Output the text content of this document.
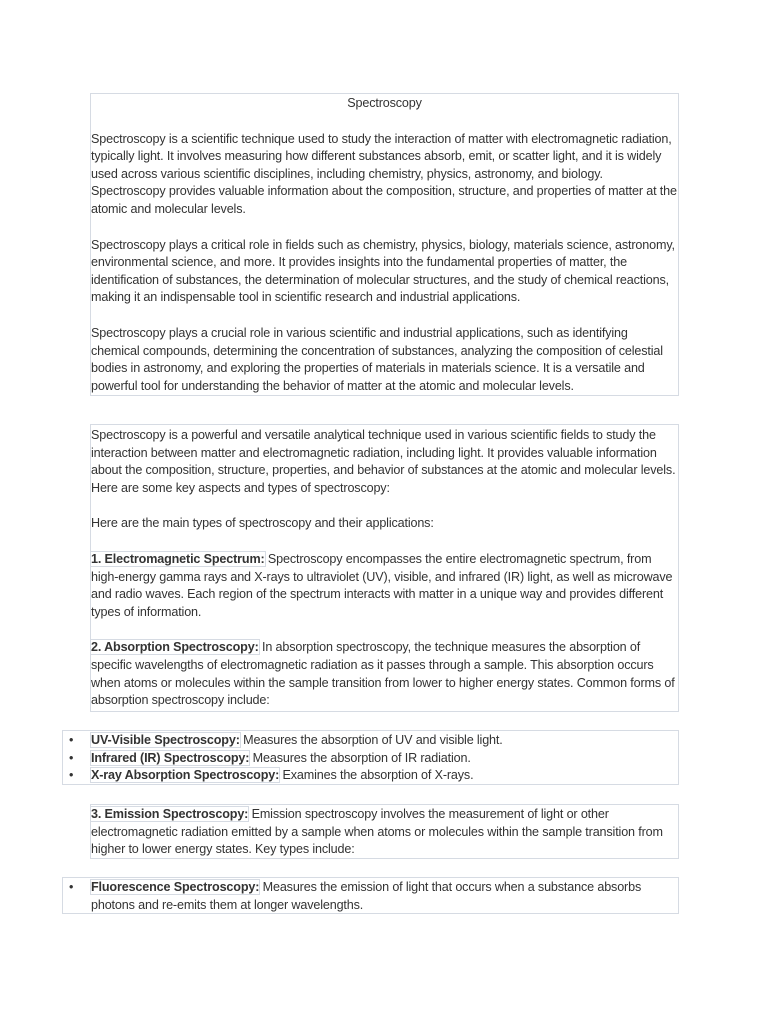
Spectroscopy

Spectroscopy is a scientific technique used to study the interaction of matter with electromagnetic radiation, typically light. It involves measuring how different substances absorb, emit, or scatter light, and it is widely used across various scientific disciplines, including chemistry, physics, astronomy, and biology. Spectroscopy provides valuable information about the composition, structure, and properties of matter at the atomic and molecular levels.

Spectroscopy plays a critical role in fields such as chemistry, physics, biology, materials science, astronomy, environmental science, and more. It provides insights into the fundamental properties of matter, the identification of substances, the determination of molecular structures, and the study of chemical reactions, making it an indispensable tool in scientific research and industrial applications.

Spectroscopy plays a crucial role in various scientific and industrial applications, such as identifying chemical compounds, determining the concentration of substances, analyzing the composition of celestial bodies in astronomy, and exploring the properties of materials in materials science. It is a versatile and powerful tool for understanding the behavior of matter at the atomic and molecular levels.

Spectroscopy is a powerful and versatile analytical technique used in various scientific fields to study the interaction between matter and electromagnetic radiation, including light. It provides valuable information about the composition, structure, properties, and behavior of substances at the atomic and molecular levels. Here are some key aspects and types of spectroscopy:

Here are the main types of spectroscopy and their applications:

1. Electromagnetic Spectrum: Spectroscopy encompasses the entire electromagnetic spectrum, from high-energy gamma rays and X-rays to ultraviolet (UV), visible, and infrared (IR) light, as well as microwave and radio waves. Each region of the spectrum interacts with matter in a unique way and provides different types of information.

2. Absorption Spectroscopy: In absorption spectroscopy, the technique measures the absorption of specific wavelengths of electromagnetic radiation as it passes through a sample. This absorption occurs when atoms or molecules within the sample transition from lower to higher energy states. Common forms of absorption spectroscopy include:

• UV-Visible Spectroscopy: Measures the absorption of UV and visible light.
• Infrared (IR) Spectroscopy: Measures the absorption of IR radiation.
• X-ray Absorption Spectroscopy: Examines the absorption of X-rays.

3. Emission Spectroscopy: Emission spectroscopy involves the measurement of light or other electromagnetic radiation emitted by a sample when atoms or molecules within the sample transition from higher to lower energy states. Key types include:

• Fluorescence Spectroscopy: Measures the emission of light that occurs when a substance absorbs photons and re-emits them at longer wavelengths.
